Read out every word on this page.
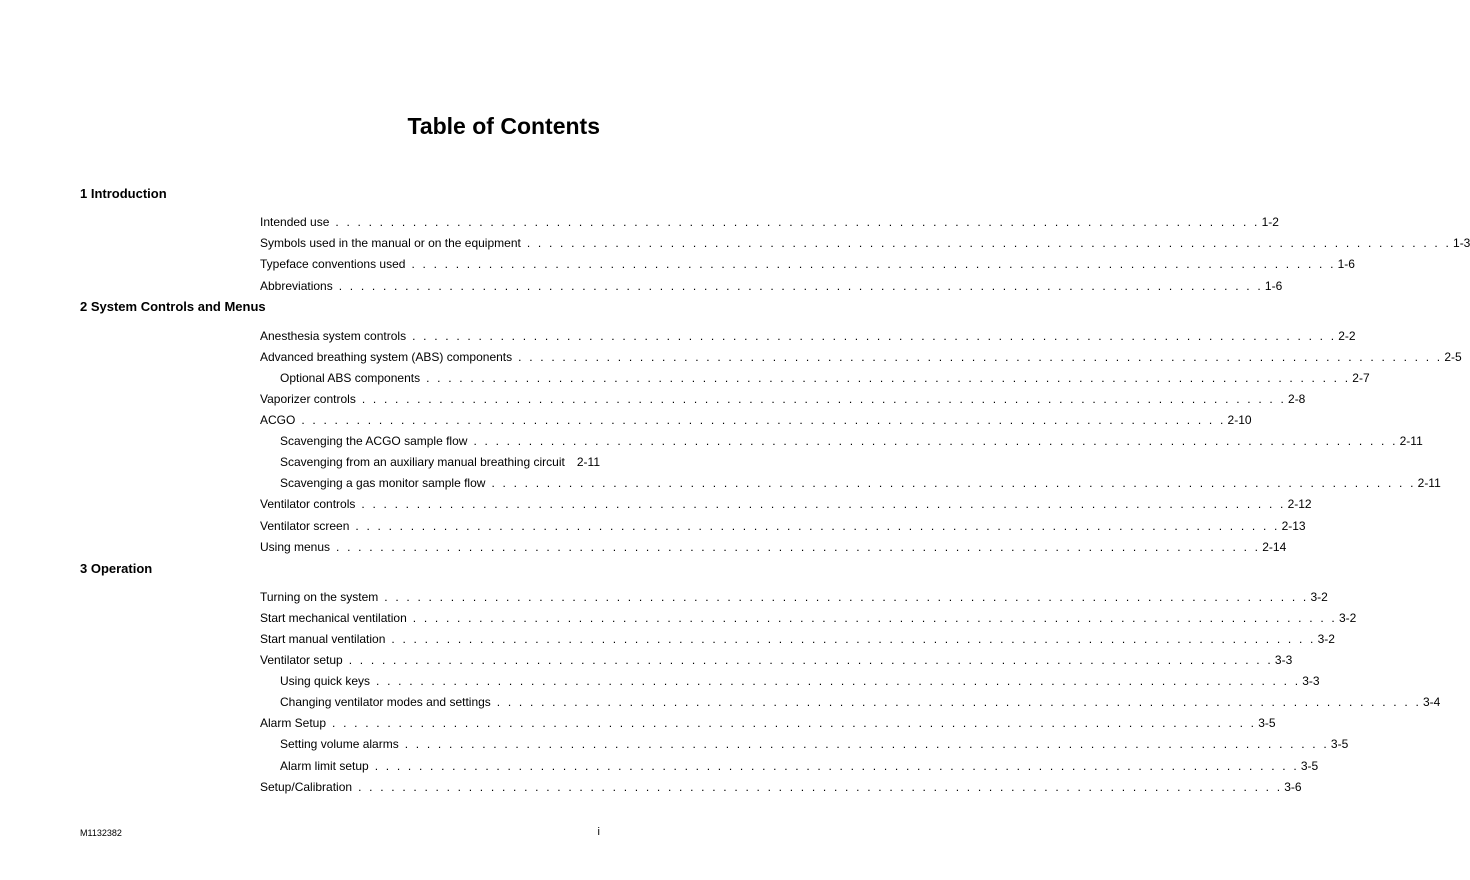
Table of Contents
1 Introduction
Intended use . . . . . . . . . . . . . . . . . . . . . . . . . . . . . . . . . . . . . . . . . . . . . . . . . . . . . . . . . . . . . . . . . . . . . . . . . . . . . . . . . . . . 1-2
Symbols used in the manual or on the equipment . . . . . . . . . . . . . . . . . . . . . . . . . . . . . . . . . . . . . . . . . . . . . . . . . . . . . . . . . . . . . . . . . . . . . . . . . . . . . . . . . . . . 1-3
Typeface conventions used . . . . . . . . . . . . . . . . . . . . . . . . . . . . . . . . . . . . . . . . . . . . . . . . . . . . . . . . . . . . . . . . . . . . . . . . . . . . . . . . . . . . 1-6
Abbreviations . . . . . . . . . . . . . . . . . . . . . . . . . . . . . . . . . . . . . . . . . . . . . . . . . . . . . . . . . . . . . . . . . . . . . . . . . . . . . . . . . . . . 1-6
2 System Controls and Menus
Anesthesia system controls . . . . . . . . . . . . . . . . . . . . . . . . . . . . . . . . . . . . . . . . . . . . . . . . . . . . . . . . . . . . . . . . . . . . . . . . . . . . . . . . . . . . 2-2
Advanced breathing system (ABS) components . . . . . . . . . . . . . . . . . . . . . . . . . . . . . . . . . . . . . . . . . . . . . . . . . . . . . . . . . . . . . . . . . . . . . . . . . . . . . . . . . . . . 2-5
Optional ABS components . . . . . . . . . . . . . . . . . . . . . . . . . . . . . . . . . . . . . . . . . . . . . . . . . . . . . . . . . . . . . . . . . . . . . . . . . . . . . . . . . . . . 2-7
Vaporizer controls . . . . . . . . . . . . . . . . . . . . . . . . . . . . . . . . . . . . . . . . . . . . . . . . . . . . . . . . . . . . . . . . . . . . . . . . . . . . . . . . . . . . 2-8
ACGO . . . . . . . . . . . . . . . . . . . . . . . . . . . . . . . . . . . . . . . . . . . . . . . . . . . . . . . . . . . . . . . . . . . . . . . . . . . . . . . . . . . . 2-10
Scavenging the ACGO sample flow . . . . . . . . . . . . . . . . . . . . . . . . . . . . . . . . . . . . . . . . . . . . . . . . . . . . . . . . . . . . . . . . . . . . . . . . . . . . . . . . . . . . 2-11
Scavenging from an auxiliary manual breathing circuit 2-11
Scavenging a gas monitor sample flow . . . . . . . . . . . . . . . . . . . . . . . . . . . . . . . . . . . . . . . . . . . . . . . . . . . . . . . . . . . . . . . . . . . . . . . . . . . . . . . . . . . . 2-11
Ventilator controls . . . . . . . . . . . . . . . . . . . . . . . . . . . . . . . . . . . . . . . . . . . . . . . . . . . . . . . . . . . . . . . . . . . . . . . . . . . . . . . . . . . . 2-12
Ventilator screen . . . . . . . . . . . . . . . . . . . . . . . . . . . . . . . . . . . . . . . . . . . . . . . . . . . . . . . . . . . . . . . . . . . . . . . . . . . . . . . . . . . . 2-13
Using menus . . . . . . . . . . . . . . . . . . . . . . . . . . . . . . . . . . . . . . . . . . . . . . . . . . . . . . . . . . . . . . . . . . . . . . . . . . . . . . . . . . . . 2-14
3 Operation
Turning on the system . . . . . . . . . . . . . . . . . . . . . . . . . . . . . . . . . . . . . . . . . . . . . . . . . . . . . . . . . . . . . . . . . . . . . . . . . . . . . . . . . . . . 3-2
Start mechanical ventilation . . . . . . . . . . . . . . . . . . . . . . . . . . . . . . . . . . . . . . . . . . . . . . . . . . . . . . . . . . . . . . . . . . . . . . . . . . . . . . . . . . . . 3-2
Start manual ventilation . . . . . . . . . . . . . . . . . . . . . . . . . . . . . . . . . . . . . . . . . . . . . . . . . . . . . . . . . . . . . . . . . . . . . . . . . . . . . . . . . . . . 3-2
Ventilator setup . . . . . . . . . . . . . . . . . . . . . . . . . . . . . . . . . . . . . . . . . . . . . . . . . . . . . . . . . . . . . . . . . . . . . . . . . . . . . . . . . . . . 3-3
Using quick keys . . . . . . . . . . . . . . . . . . . . . . . . . . . . . . . . . . . . . . . . . . . . . . . . . . . . . . . . . . . . . . . . . . . . . . . . . . . . . . . . . . . . 3-3
Changing ventilator modes and settings . . . . . . . . . . . . . . . . . . . . . . . . . . . . . . . . . . . . . . . . . . . . . . . . . . . . . . . . . . . . . . . . . . . . . . . . . . . . . . . . . . . . 3-4
Alarm Setup . . . . . . . . . . . . . . . . . . . . . . . . . . . . . . . . . . . . . . . . . . . . . . . . . . . . . . . . . . . . . . . . . . . . . . . . . . . . . . . . . . . . 3-5
Setting volume alarms . . . . . . . . . . . . . . . . . . . . . . . . . . . . . . . . . . . . . . . . . . . . . . . . . . . . . . . . . . . . . . . . . . . . . . . . . . . . . . . . . . . . 3-5
Alarm limit setup . . . . . . . . . . . . . . . . . . . . . . . . . . . . . . . . . . . . . . . . . . . . . . . . . . . . . . . . . . . . . . . . . . . . . . . . . . . . . . . . . . . . 3-5
Setup/Calibration . . . . . . . . . . . . . . . . . . . . . . . . . . . . . . . . . . . . . . . . . . . . . . . . . . . . . . . . . . . . . . . . . . . . . . . . . . . . . . . . . . . . 3-6
M1132382	i
